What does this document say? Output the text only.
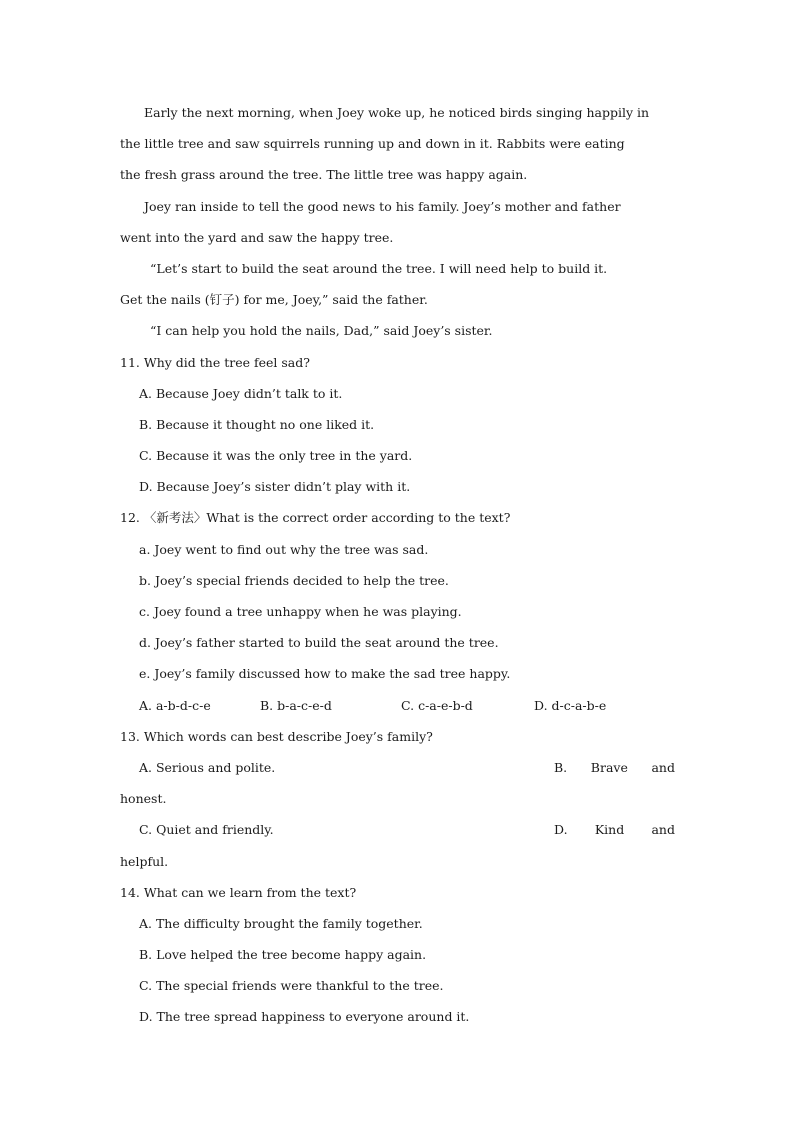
Early the next morning, when Joey woke up, he noticed birds singing happily in
the little tree and saw squirrels running up and down in it. Rabbits were eating
the fresh grass around the tree. The little tree was happy again.
Joey ran inside to tell the good news to his family. Joey’s mother and father
went into the yard and saw the happy tree.
“Let’s start to build the seat around the tree. I will need help to build it.
Get the nails (钉子) for me, Joey,” said the father.
“I can help you hold the nails, Dad,” said Joey’s sister.
11. Why did the tree feel sad?
A. Because Joey didn’t talk to it.
B. Because it thought no one liked it.
C. Because it was the only tree in the yard.
D. Because Joey’s sister didn’t play with it.
12. 〈新考法〉What is the correct order according to the text?
a. Joey went to find out why the tree was sad.
b. Joey’s special friends decided to help the tree.
c. Joey found a tree unhappy when he was playing.
d. Joey’s father started to build the seat around the tree.
e. Joey’s family discussed how to make the sad tree happy.
A. a-b-d-c-e	B. b-a-c-e-d	C. c-a-e-b-d	D. d-c-a-b-e
13. Which words can best describe Joey’s family?
A. Serious and polite.	B. Brave and
honest.
C. Quiet and friendly.	D. Kind and
helpful.
14. What can we learn from the text?
A. The difficulty brought the family together.
B. Love helped the tree become happy again.
C. The special friends were thankful to the tree.
D. The tree spread happiness to everyone around it.
